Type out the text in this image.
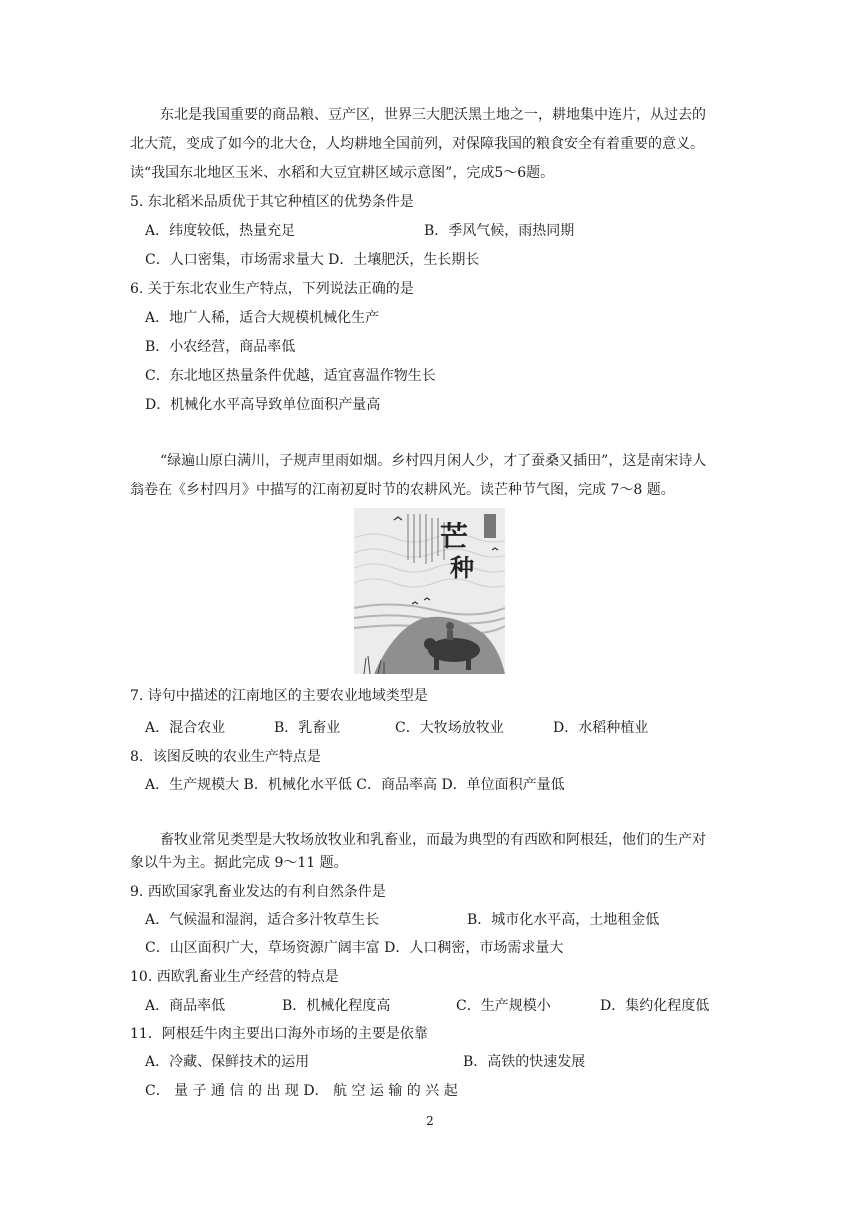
东北是我国重要的商品粮、豆产区，世界三大肥沃黑土地之一，耕地集中连片，从过去的
北大荒，变成了如今的北大仓，人均耕地全国前列，对保障我国的粮食安全有着重要的意义。
读“我国东北地区玉米、水稻和大豆宜耕区域示意图”，完成5～6题。
5. 东北稻米品质优于其它种植区的优势条件是
A．纬度较低，热量充足	B．季风气候，雨热同期
C．人口密集，市场需求量大 D．土壤肥沃，生长期长
6. 关于东北农业生产特点，下列说法正确的是
A．地广人稀，适合大规模机械化生产
B．小农经营，商品率低
C．东北地区热量条件优越，适宜喜温作物生长
D．机械化水平高导致单位面积产量高
“绿遍山原白满川，子规声里雨如烟。乡村四月闲人少，才了蚕桑又插田”，这是南宋诗人
翁卷在《乡村四月》中描写的江南初夏时节的农耕风光。读芒种节气图，完成 7～8 题。
芒
种
7. 诗句中描述的江南地区的主要农业地域类型是
A．混合农业	B．乳畜业	C．大牧场放牧业	D．水稻种植业
8．该图反映的农业生产特点是
A．生产规模大 B．机械化水平低 C．商品率高 D．单位面积产量低
畜牧业常见类型是大牧场放牧业和乳畜业，而最为典型的有西欧和阿根廷，他们的生产对
象以牛为主。据此完成 9～11 题。
9. 西欧国家乳畜业发达的有利自然条件是
A．气候温和湿润，适合多汁牧草生长	B．城市化水平高，土地租金低
C．山区面积广大，草场资源广阔丰富 D．人口稠密，市场需求量大
10. 西欧乳畜业生产经营的特点是
A．商品率低	B．机械化程度高	C．生产规模小	D．集约化程度低
11．阿根廷牛肉主要出口海外市场的主要是依靠
A．冷藏、保鲜技术的运用	B．高铁的快速发展
C． 量 子 通 信 的 出 现 D． 航 空 运 输 的 兴 起
2
